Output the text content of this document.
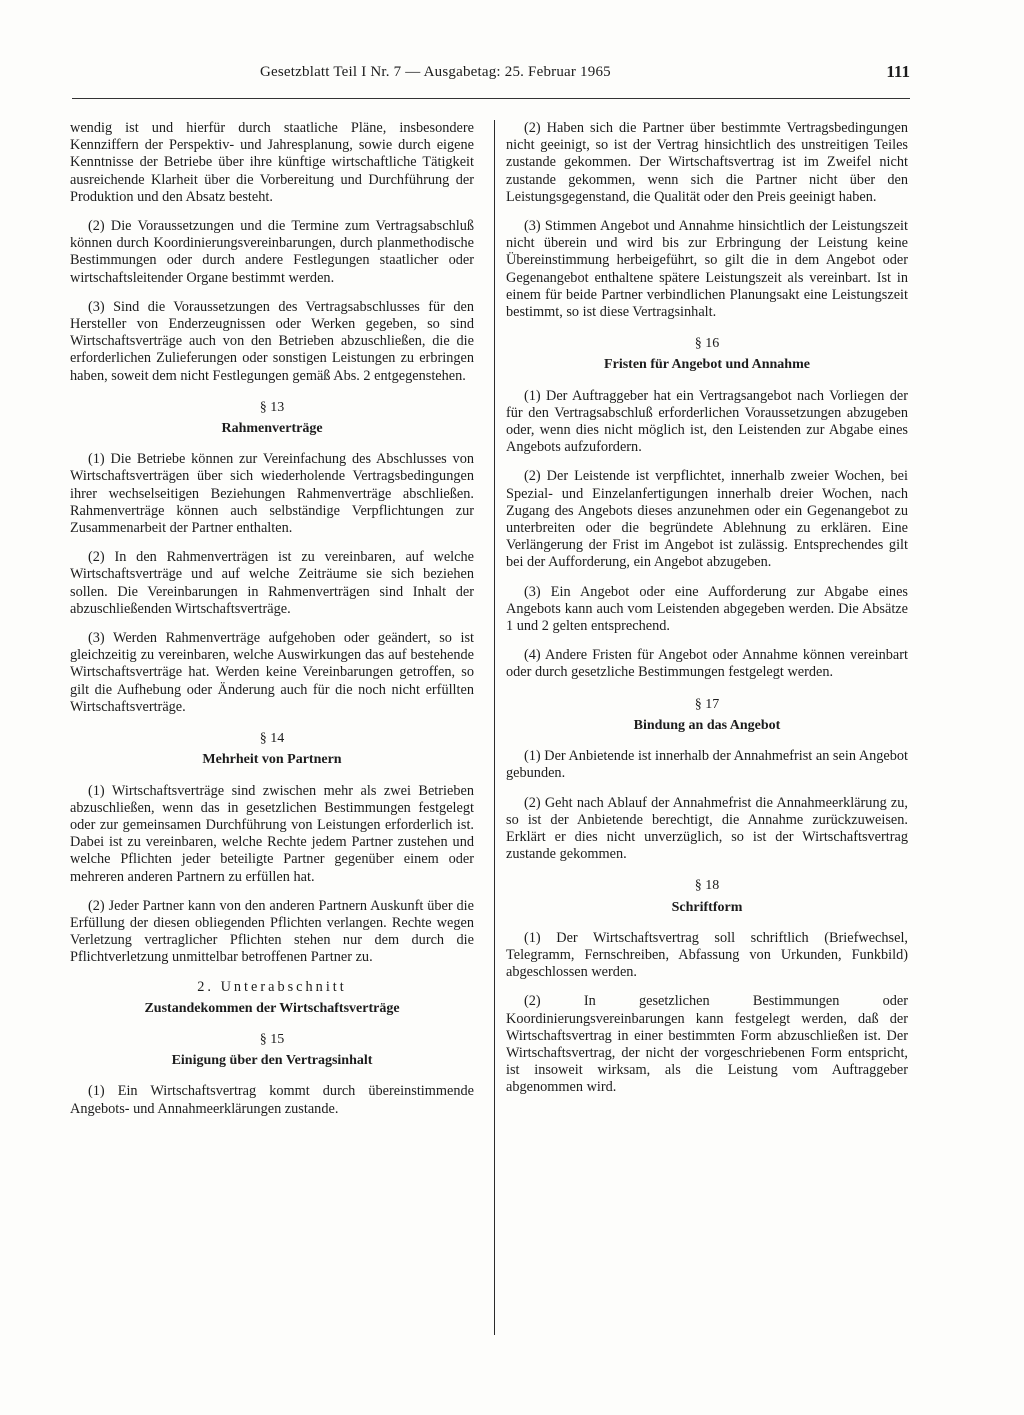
Gesetzblatt Teil I Nr. 7 — Ausgabetag: 25. Februar 1965	111

wendig ist und hierfür durch staatliche Pläne, insbesondere Kennziffern der Perspektiv- und Jahresplanung, sowie durch eigene Kenntnisse der Betriebe über ihre künftige wirtschaftliche Tätigkeit ausreichende Klarheit über die Vorbereitung und Durchführung der Produktion und den Absatz besteht.

(2) Die Voraussetzungen und die Termine zum Vertragsabschluß können durch Koordinierungsvereinbarungen, durch planmethodische Bestimmungen oder durch andere Festlegungen staatlicher oder wirtschaftsleitender Organe bestimmt werden.

(3) Sind die Voraussetzungen des Vertragsabschlusses für den Hersteller von Enderzeugnissen oder Werken gegeben, so sind Wirtschaftsverträge auch von den Betrieben abzuschließen, die die erforderlichen Zulieferungen oder sonstigen Leistungen zu erbringen haben, soweit dem nicht Festlegungen gemäß Abs. 2 entgegenstehen.

§ 13
Rahmenverträge

(1) Die Betriebe können zur Vereinfachung des Abschlusses von Wirtschaftsverträgen über sich wiederholende Vertragsbedingungen ihrer wechselseitigen Beziehungen Rahmenverträge abschließen. Rahmenverträge können auch selbständige Verpflichtungen zur Zusammenarbeit der Partner enthalten.

(2) In den Rahmenverträgen ist zu vereinbaren, auf welche Wirtschaftsverträge und auf welche Zeiträume sie sich beziehen sollen. Die Vereinbarungen in Rahmenverträgen sind Inhalt der abzuschließenden Wirtschaftsverträge.

(3) Werden Rahmenverträge aufgehoben oder geändert, so ist gleichzeitig zu vereinbaren, welche Auswirkungen das auf bestehende Wirtschaftsverträge hat. Werden keine Vereinbarungen getroffen, so gilt die Aufhebung oder Änderung auch für die noch nicht erfüllten Wirtschaftsverträge.

§ 14
Mehrheit von Partnern

(1) Wirtschaftsverträge sind zwischen mehr als zwei Betrieben abzuschließen, wenn das in gesetzlichen Bestimmungen festgelegt oder zur gemeinsamen Durchführung von Leistungen erforderlich ist. Dabei ist zu vereinbaren, welche Rechte jedem Partner zustehen und welche Pflichten jeder beteiligte Partner gegenüber einem oder mehreren anderen Partnern zu erfüllen hat.

(2) Jeder Partner kann von den anderen Partnern Auskunft über die Erfüllung der diesen obliegenden Pflichten verlangen. Rechte wegen Verletzung vertraglicher Pflichten stehen nur dem durch die Pflichtverletzung unmittelbar betroffenen Partner zu.

2. Unterabschnitt
Zustandekommen der Wirtschaftsverträge
§ 15
Einigung über den Vertragsinhalt

(1) Ein Wirtschaftsvertrag kommt durch übereinstimmende Angebots- und Annahmeerklärungen zustande.

(2) Haben sich die Partner über bestimmte Vertragsbedingungen nicht geeinigt, so ist der Vertrag hinsichtlich des unstreitigen Teiles zustande gekommen. Der Wirtschaftsvertrag ist im Zweifel nicht zustande gekommen, wenn sich die Partner nicht über den Leistungsgegenstand, die Qualität oder den Preis geeinigt haben.

(3) Stimmen Angebot und Annahme hinsichtlich der Leistungszeit nicht überein und wird bis zur Erbringung der Leistung keine Übereinstimmung herbeigeführt, so gilt die in dem Angebot oder Gegenangebot enthaltene spätere Leistungszeit als vereinbart. Ist in einem für beide Partner verbindlichen Planungsakt eine Leistungszeit bestimmt, so ist diese Vertragsinhalt.

§ 16
Fristen für Angebot und Annahme

(1) Der Auftraggeber hat ein Vertragsangebot nach Vorliegen der für den Vertragsabschluß erforderlichen Voraussetzungen abzugeben oder, wenn dies nicht möglich ist, den Leistenden zur Abgabe eines Angebots aufzufordern.

(2) Der Leistende ist verpflichtet, innerhalb zweier Wochen, bei Spezial- und Einzelanfertigungen innerhalb dreier Wochen, nach Zugang des Angebots dieses anzunehmen oder ein Gegenangebot zu unterbreiten oder die begründete Ablehnung zu erklären. Eine Verlängerung der Frist im Angebot ist zulässig. Entsprechendes gilt bei der Aufforderung, ein Angebot abzugeben.

(3) Ein Angebot oder eine Aufforderung zur Abgabe eines Angebots kann auch vom Leistenden abgegeben werden. Die Absätze 1 und 2 gelten entsprechend.

(4) Andere Fristen für Angebot oder Annahme können vereinbart oder durch gesetzliche Bestimmungen festgelegt werden.

§ 17
Bindung an das Angebot

(1) Der Anbietende ist innerhalb der Annahmefrist an sein Angebot gebunden.

(2) Geht nach Ablauf der Annahmefrist die Annahmeerklärung zu, so ist der Anbietende berechtigt, die Annahme zurückzuweisen. Erklärt er dies nicht unverzüglich, so ist der Wirtschaftsvertrag zustande gekommen.

§ 18
Schriftform

(1) Der Wirtschaftsvertrag soll schriftlich (Briefwechsel, Telegramm, Fernschreiben, Abfassung von Urkunden, Funkbild) abgeschlossen werden.

(2) In gesetzlichen Bestimmungen oder Koordinierungsvereinbarungen kann festgelegt werden, daß der Wirtschaftsvertrag in einer bestimmten Form abzuschließen ist. Der Wirtschaftsvertrag, der nicht der vorgeschriebenen Form entspricht, ist insoweit wirksam, als die Leistung vom Auftraggeber abgenommen wird.
